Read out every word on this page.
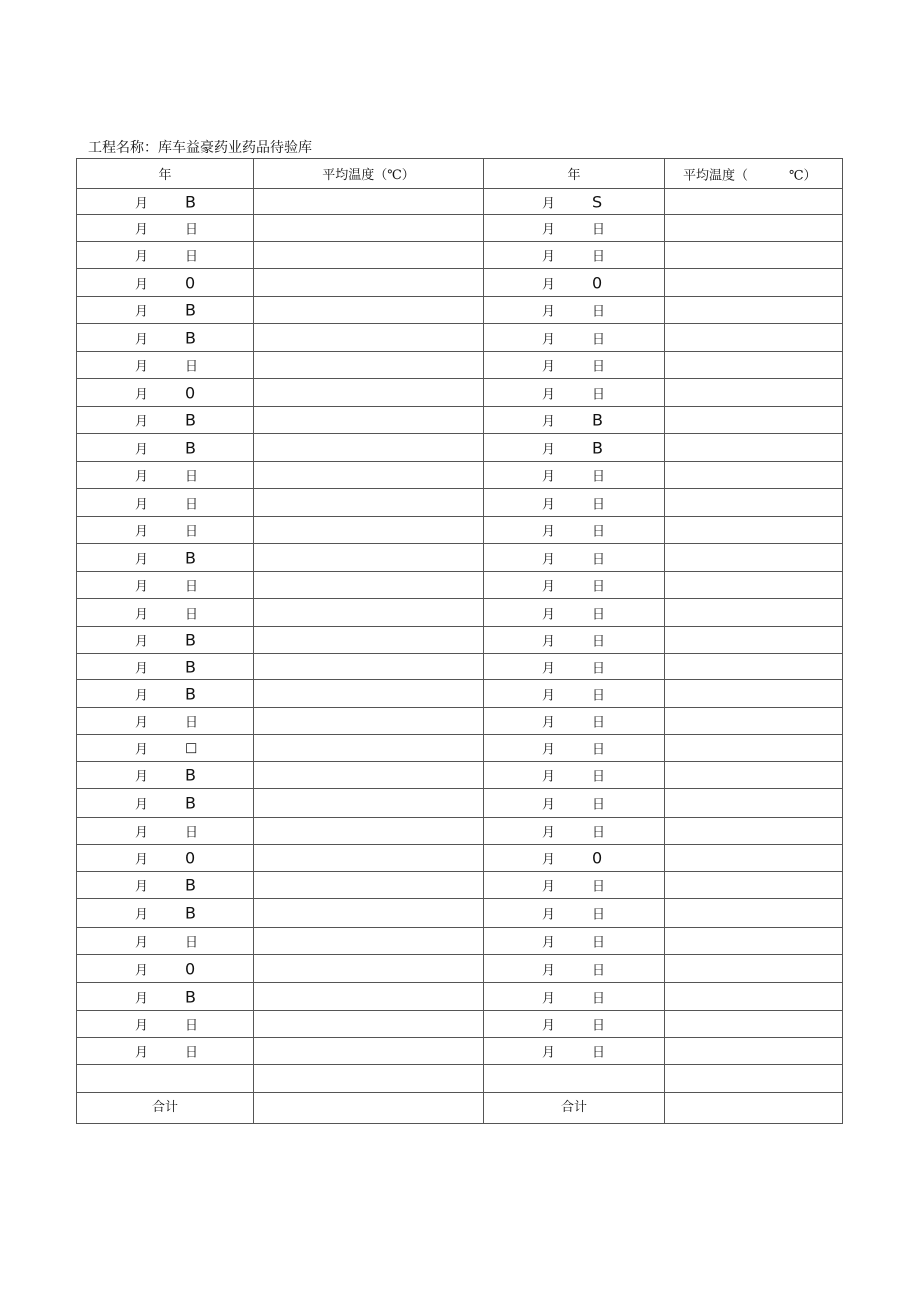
工程名称：库车益豪药业药品待验库
年	平均温度（℃）	年	平均温度（ ℃）

月 B		月 S	

月 日		月 日	

月 日		月 日	

月 0		月 0	

月 B		月 日	

月 B		月 日	

月 日		月 日	

月 0		月 日	

月 B		月 B	

月 B		月 B	

月 日		月 日	

月 日		月 日	

月 日		月 日	

月 B		月 日	

月 日		月 日	

月 日		月 日	

月 B		月 日	

月 B		月 日	

月 B		月 日	

月 日		月 日	

月 □		月 日	

月 B		月 日	

月 B		月 日	

月 日		月 日	

月 0		月 0	

月 B		月 日	

月 B		月 日	

月 日		月 日	

月 0		月 日	

月 B		月 日	

月 日		月 日	

月 日		月 日	

合计		合计	
